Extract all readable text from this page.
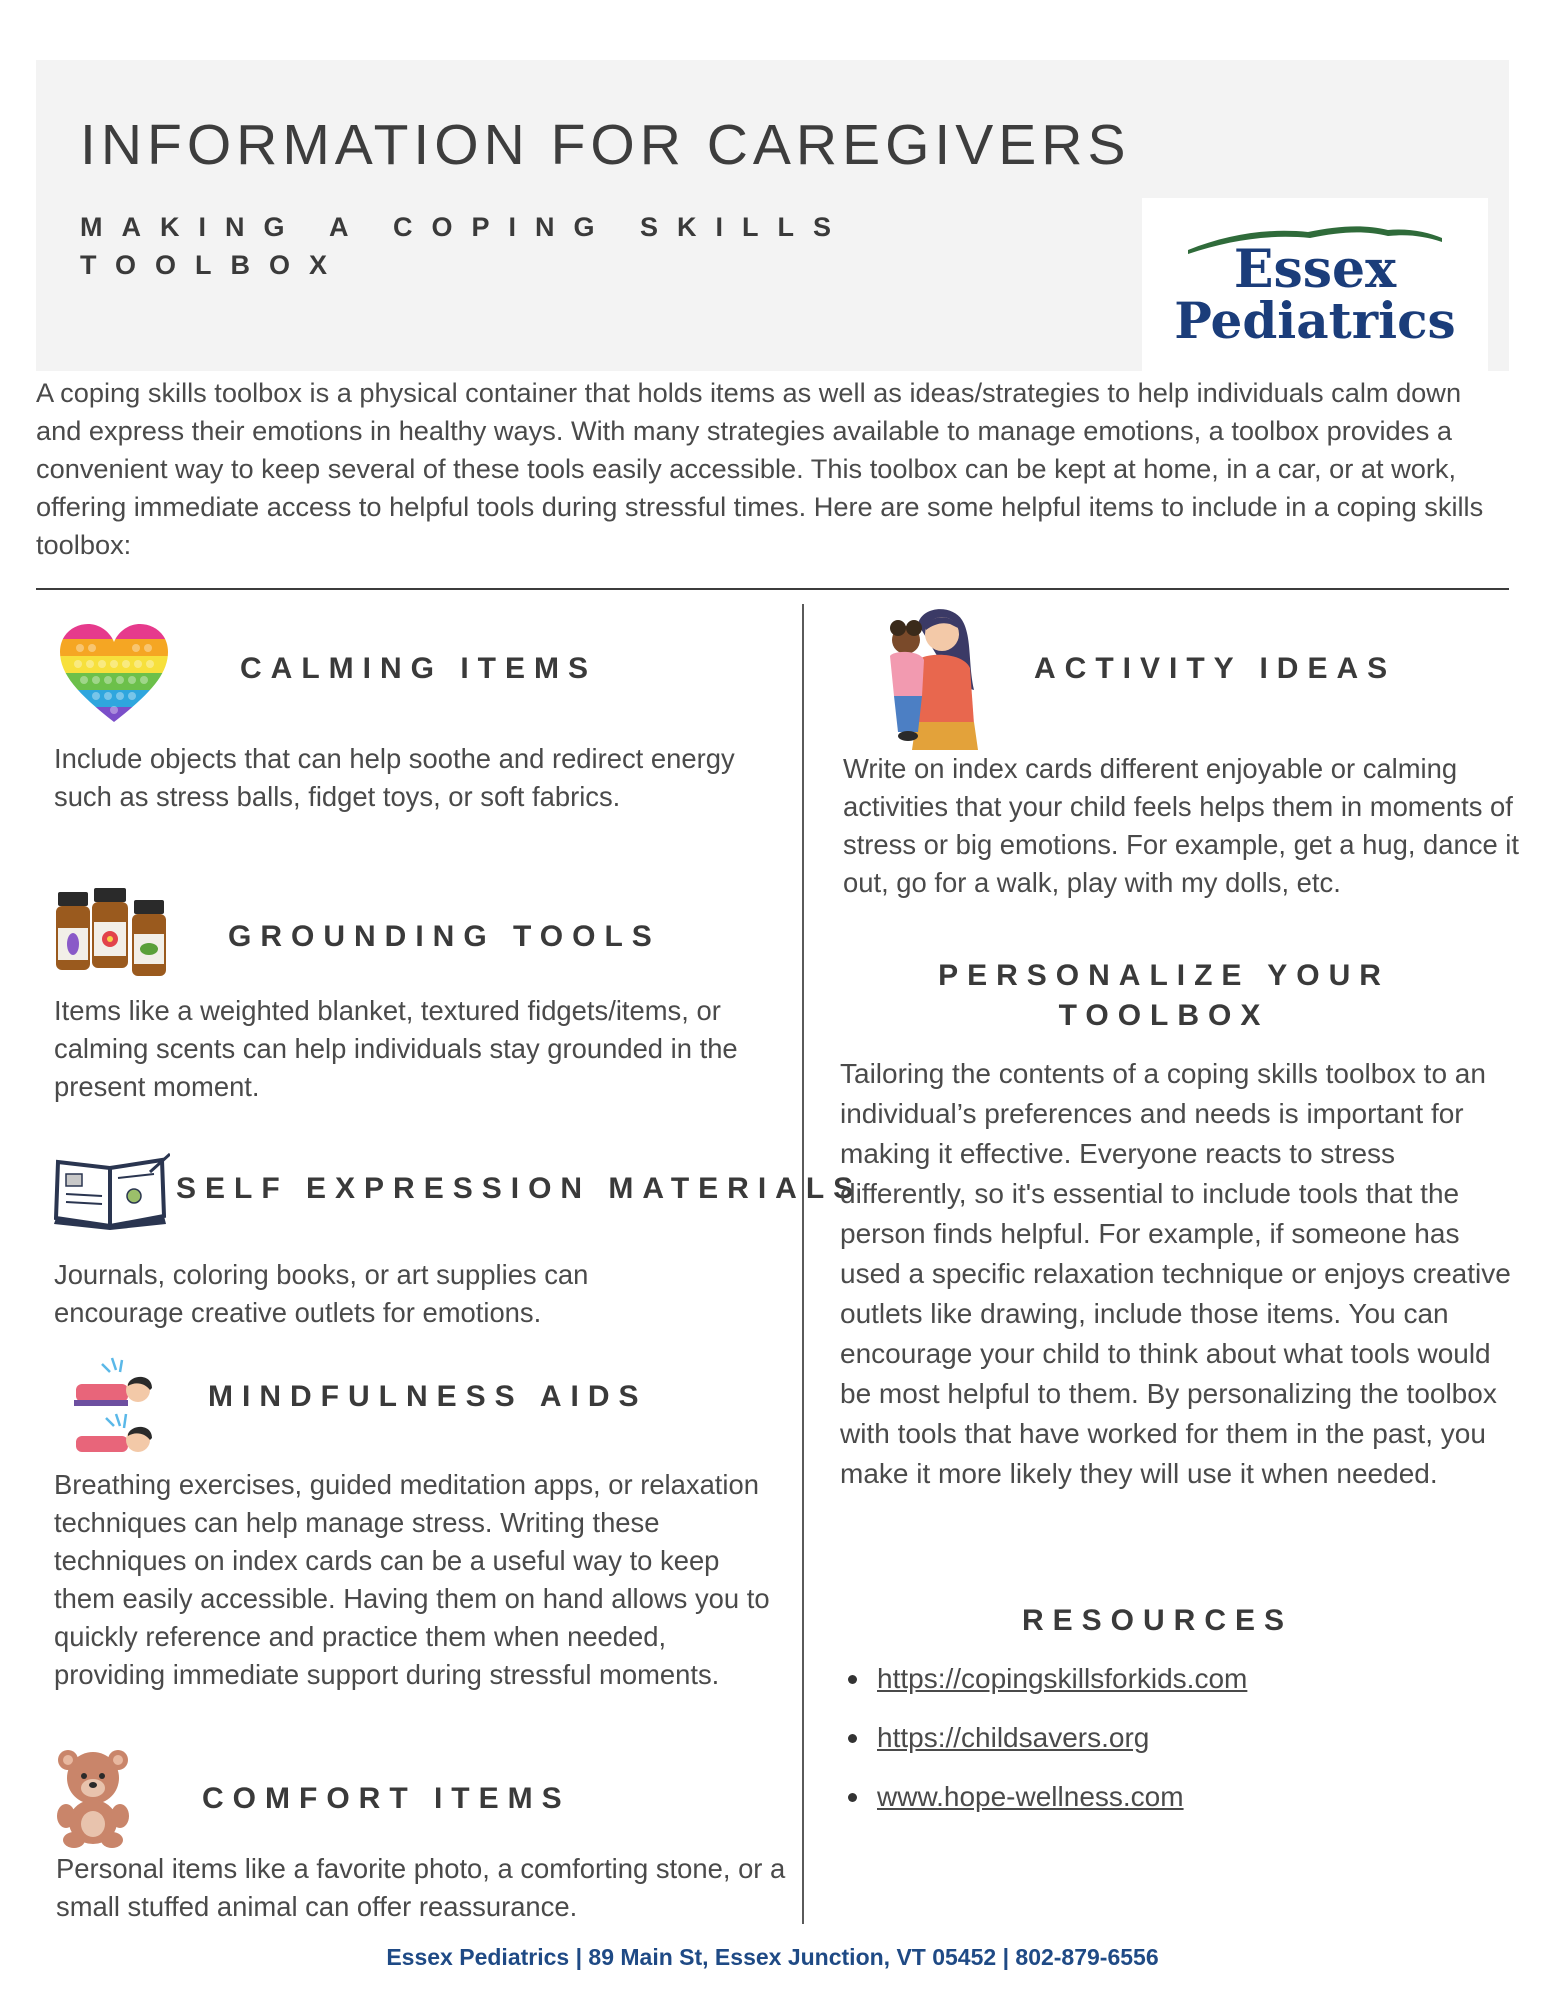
INFORMATION FOR CAREGIVERS
MAKING A COPING SKILLS TOOLBOX	Essex
Pediatrics
A coping skills toolbox is a physical container that holds items as well as ideas/strategies to help individuals calm down and express their emotions in healthy ways. With many strategies available to manage emotions, a toolbox provides a convenient way to keep several of these tools easily accessible. This toolbox can be kept at home, in a car, or at work, offering immediate access to helpful tools during stressful times. Here are some helpful items to include in a coping skills toolbox:
CALMING ITEMS
Include objects that can help soothe and redirect energy such as stress balls, fidget toys, or soft fabrics.
GROUNDING TOOLS
Items like a weighted blanket, textured fidgets/items, or calming scents can help individuals stay grounded in the present moment.
SELF EXPRESSION MATERIALS
Journals, coloring books, or art supplies can encourage creative outlets for emotions.
MINDFULNESS AIDS
Breathing exercises, guided meditation apps, or relaxation techniques can help manage stress. Writing these techniques on index cards can be a useful way to keep them easily accessible. Having them on hand allows you to quickly reference and practice them when needed, providing immediate support during stressful moments.
COMFORT ITEMS
Personal items like a favorite photo, a comforting stone, or a small stuffed animal can offer reassurance.
ACTIVITY IDEAS
Write on index cards different enjoyable or calming activities that your child feels helps them in moments of stress or big emotions. For example, get a hug, dance it out, go for a walk, play with my dolls, etc.
PERSONALIZE YOUR
TOOLBOX
Tailoring the contents of a coping skills toolbox to an individual’s preferences and needs is important for making it effective. Everyone reacts to stress differently, so it's essential to include tools that the person finds helpful. For example, if someone has used a specific relaxation technique or enjoys creative outlets like drawing, include those items. You can encourage your child to think about what tools would be most helpful to them. By personalizing the toolbox with tools that have worked for them in the past, you make it more likely they will use it when needed.
RESOURCES
https://copingskillsforkids.com
https://childsavers.org
www.hope-wellness.com
Essex Pediatrics | 89 Main St, Essex Junction, VT 05452 | 802-879-6556
